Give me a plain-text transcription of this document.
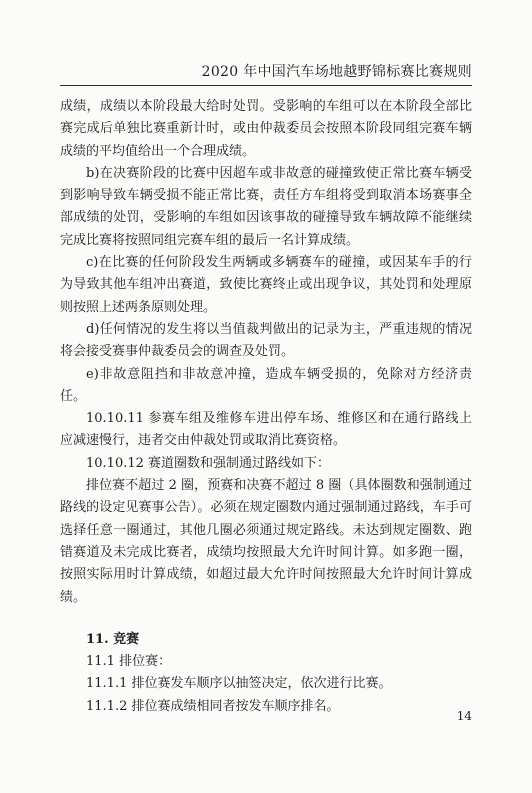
2020 年中国汽车场地越野锦标赛比赛规则

成绩，成绩以本阶段最大给时处罚。受影响的车组可以在本阶段全部比赛完成后单独比赛重新计时，或由仲裁委员会按照本阶段同组完赛车辆成绩的平均值给出一个合理成绩。

b)在决赛阶段的比赛中因超车或非故意的碰撞致使正常比赛车辆受到影响导致车辆受损不能正常比赛，责任方车组将受到取消本场赛事全部成绩的处罚，受影响的车组如因该事故的碰撞导致车辆故障不能继续完成比赛将按照同组完赛车组的最后一名计算成绩。

c)在比赛的任何阶段发生两辆或多辆赛车的碰撞，或因某车手的行为导致其他车组冲出赛道，致使比赛终止或出现争议，其处罚和处理原则按照上述两条原则处理。

d)任何情况的发生将以当值裁判做出的记录为主，严重违规的情况将会接受赛事仲裁委员会的调查及处罚。

e)非故意阻挡和非故意冲撞，造成车辆受损的，免除对方经济责任。

10.10.11 参赛车组及维修车进出停车场、维修区和在通行路线上应减速慢行，违者交由仲裁处罚或取消比赛资格。

10.10.12 赛道圈数和强制通过路线如下：

排位赛不超过 2 圈，预赛和决赛不超过 8 圈（具体圈数和强制通过路线的设定见赛事公告）。必须在规定圈数内通过强制通过路线，车手可选择任意一圈通过，其他几圈必须通过规定路线。未达到规定圈数、跑错赛道及未完成比赛者，成绩均按照最大允许时间计算。如多跑一圈，按照实际用时计算成绩，如超过最大允许时间按照最大允许时间计算成绩。

11. 竞赛

11.1 排位赛：

11.1.1 排位赛发车顺序以抽签决定，依次进行比赛。

11.1.2 排位赛成绩相同者按发车顺序排名。

14
